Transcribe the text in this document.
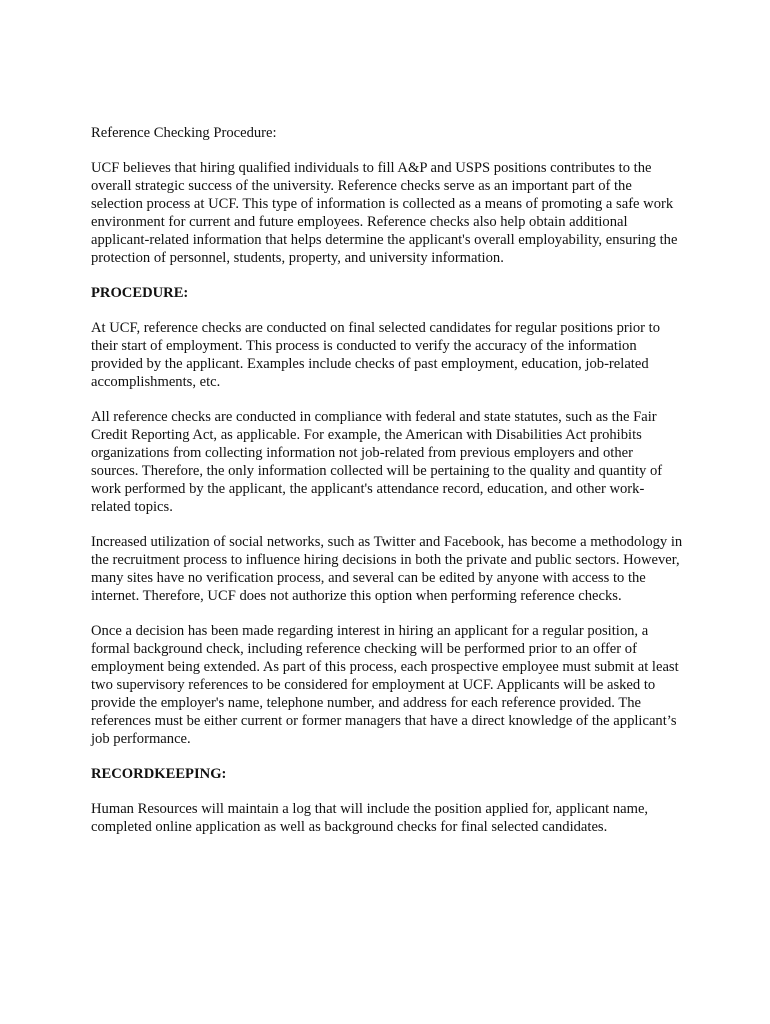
Reference Checking Procedure:

UCF believes that hiring qualified individuals to fill A&P and USPS positions contributes to the overall strategic success of the university. Reference checks serve as an important part of the selection process at UCF. This type of information is collected as a means of promoting a safe work environment for current and future employees. Reference checks also help obtain additional applicant-related information that helps determine the applicant's overall employability, ensuring the protection of personnel, students, property, and university information.

PROCEDURE:

At UCF, reference checks are conducted on final selected candidates for regular positions prior to their start of employment. This process is conducted to verify the accuracy of the information provided by the applicant. Examples include checks of past employment, education, job-related accomplishments, etc.

All reference checks are conducted in compliance with federal and state statutes, such as the Fair Credit Reporting Act, as applicable. For example, the American with Disabilities Act prohibits organizations from collecting information not job-related from previous employers and other sources. Therefore, the only information collected will be pertaining to the quality and quantity of work performed by the applicant, the applicant's attendance record, education, and other work-related topics.

Increased utilization of social networks, such as Twitter and Facebook, has become a methodology in the recruitment process to influence hiring decisions in both the private and public sectors. However, many sites have no verification process, and several can be edited by anyone with access to the internet. Therefore, UCF does not authorize this option when performing reference checks.

Once a decision has been made regarding interest in hiring an applicant for a regular position, a formal background check, including reference checking will be performed prior to an offer of employment being extended. As part of this process, each prospective employee must submit at least two supervisory references to be considered for employment at UCF. Applicants will be asked to provide the employer's name, telephone number, and address for each reference provided. The references must be either current or former managers that have a direct knowledge of the applicant’s job performance.

RECORDKEEPING:

Human Resources will maintain a log that will include the position applied for, applicant name, completed online application as well as background checks for final selected candidates.
